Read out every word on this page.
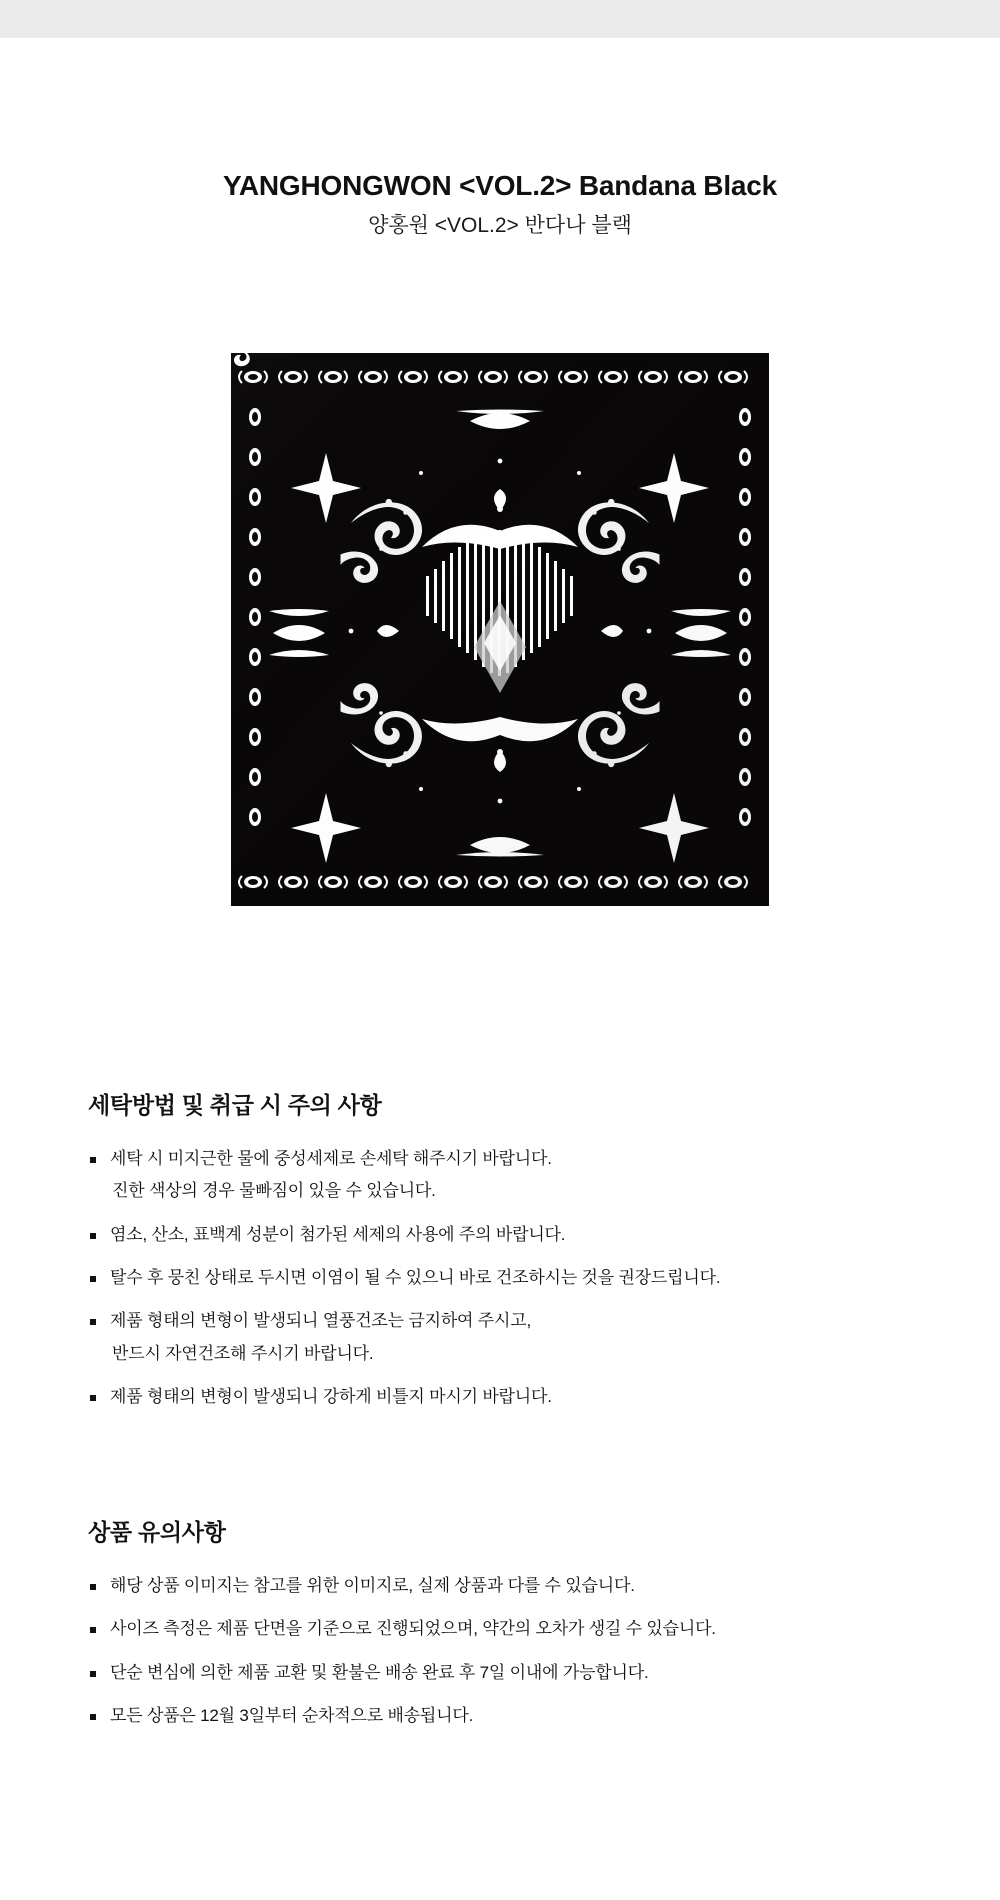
YANGHONGWON <VOL.2> Bandana Black
양홍원 <VOL.2> 반다나 블랙
세탁방법 및 취급 시 주의 사항
세탁 시 미지근한 물에 중성세제로 손세탁 해주시기 바랍니다.
진한 색상의 경우 물빠짐이 있을 수 있습니다.
염소, 산소, 표백계 성분이 첨가된 세제의 사용에 주의 바랍니다.
탈수 후 뭉친 상태로 두시면 이염이 될 수 있으니 바로 건조하시는 것을 권장드립니다.
제품 형태의 변형이 발생되니 열풍건조는 금지하여 주시고,
반드시 자연건조해 주시기 바랍니다.
제품 형태의 변형이 발생되니 강하게 비틀지 마시기 바랍니다.
상품 유의사항
해당 상품 이미지는 참고를 위한 이미지로, 실제 상품과 다를 수 있습니다.
사이즈 측정은 제품 단면을 기준으로 진행되었으며, 약간의 오차가 생길 수 있습니다.
단순 변심에 의한 제품 교환 및 환불은 배송 완료 후 7일 이내에 가능합니다.
모든 상품은 12월 3일부터 순차적으로 배송됩니다.
